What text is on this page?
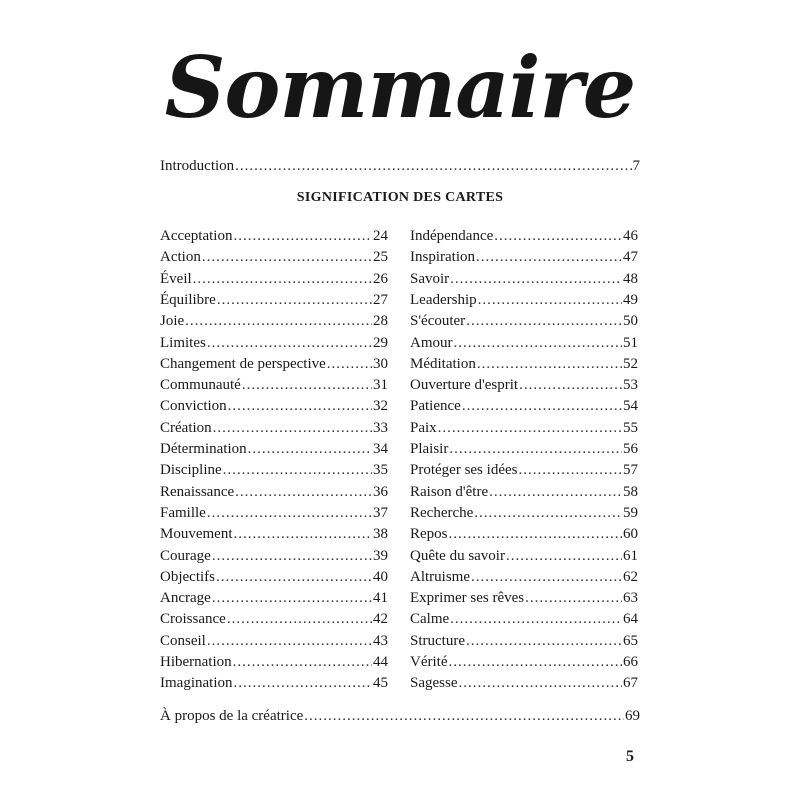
Sommaire
Introduction .....	7
SIGNIFICATION DES CARTES
Acceptation .....	24
Action .....	25
Éveil .....	26
Équilibre .....	27
Joie .....	28
Limites .....	29
Changement de perspective .....	30
Communauté .....	31
Conviction .....	32
Création .....	33
Détermination .....	34
Discipline .....	35
Renaissance .....	36
Famille .....	37
Mouvement .....	38
Courage .....	39
Objectifs .....	40
Ancrage .....	41
Croissance .....	42
Conseil .....	43
Hibernation .....	44
Imagination .....	45
Indépendance .....	46
Inspiration .....	47
Savoir .....	48
Leadership .....	49
S'écouter .....	50
Amour .....	51
Méditation .....	52
Ouverture d'esprit .....	53
Patience .....	54
Paix .....	55
Plaisir .....	56
Protéger ses idées .....	57
Raison d'être .....	58
Recherche .....	59
Repos .....	60
Quête du savoir .....	61
Altruisme .....	62
Exprimer ses rêves .....	63
Calme .....	64
Structure .....	65
Vérité .....	66
Sagesse .....	67
À propos de la créatrice .....	69
5
